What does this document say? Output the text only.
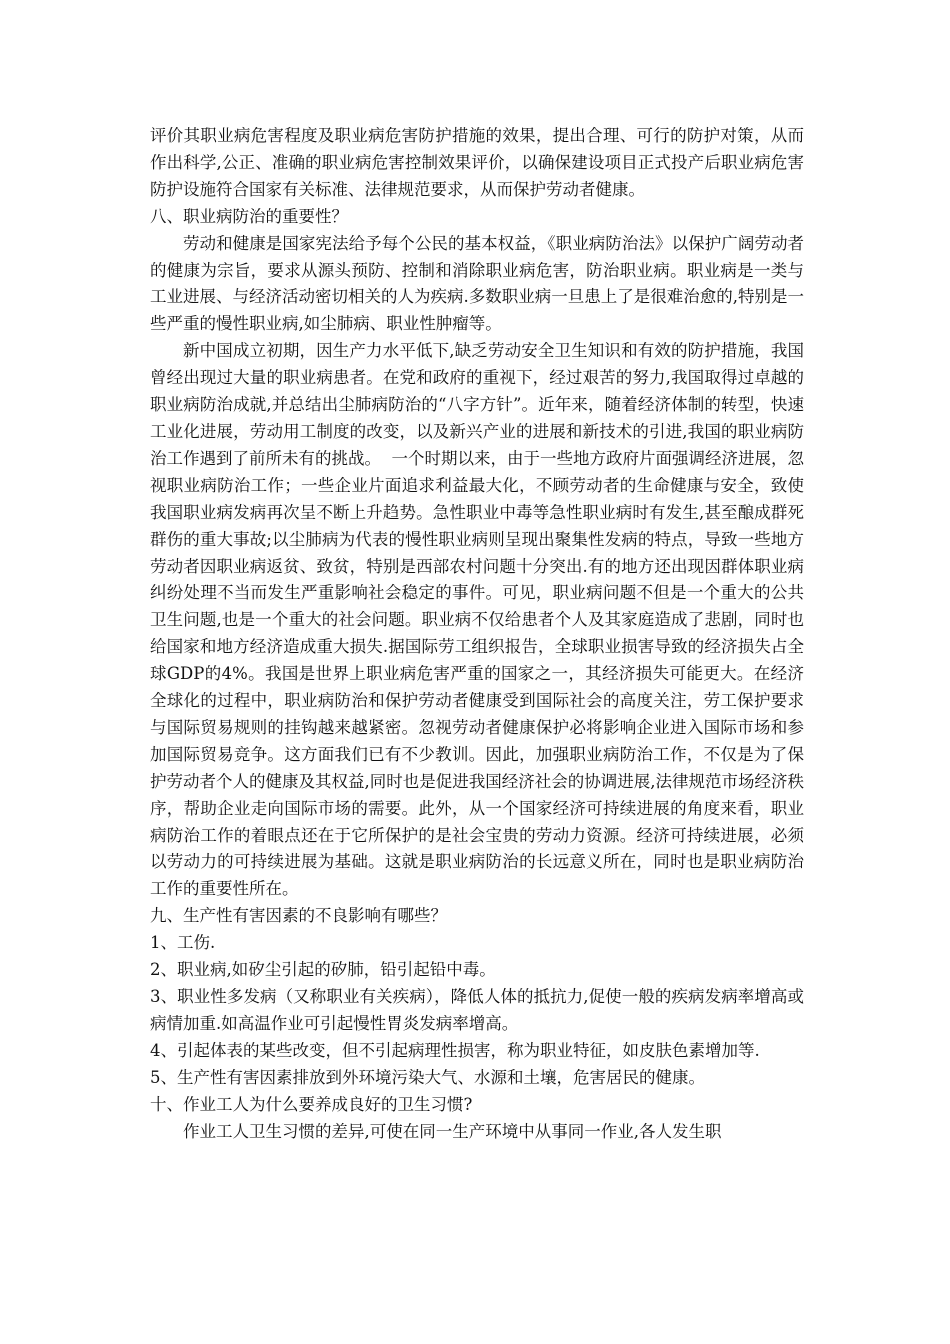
评价其职业病危害程度及职业病危害防护措施的效果，提出合理、可行的防护对策，从而作出科学,公正、准确的职业病危害控制效果评价，以确保建设项目正式投产后职业病危害防护设施符合国家有关标准、法律规范要求，从而保护劳动者健康。

八、职业病防治的重要性？

劳动和健康是国家宪法给予每个公民的基本权益，《职业病防治法》以保护广阔劳动者的健康为宗旨，要求从源头预防、控制和消除职业病危害，防治职业病。职业病是一类与工业进展、与经济活动密切相关的人为疾病.多数职业病一旦患上了是很难治愈的,特别是一些严重的慢性职业病,如尘肺病、职业性肿瘤等。

新中国成立初期，因生产力水平低下,缺乏劳动安全卫生知识和有效的防护措施，我国曾经出现过大量的职业病患者。在党和政府的重视下，经过艰苦的努力,我国取得过卓越的职业病防治成就,并总结出尘肺病防治的“八字方针”。近年来，随着经济体制的转型，快速工业化进展，劳动用工制度的改变，以及新兴产业的进展和新技术的引进,我国的职业病防治工作遇到了前所未有的挑战。  一个时期以来，由于一些地方政府片面强调经济进展，忽视职业病防治工作；一些企业片面追求利益最大化，不顾劳动者的生命健康与安全，致使我国职业病发病再次呈不断上升趋势。急性职业中毒等急性职业病时有发生,甚至酿成群死群伤的重大事故;以尘肺病为代表的慢性职业病则呈现出聚集性发病的特点，导致一些地方劳动者因职业病返贫、致贫，特别是西部农村问题十分突出.有的地方还出现因群体职业病纠纷处理不当而发生严重影响社会稳定的事件。可见，职业病问题不但是一个重大的公共卫生问题,也是一个重大的社会问题。职业病不仅给患者个人及其家庭造成了悲剧，同时也给国家和地方经济造成重大损失.据国际劳工组织报告，全球职业损害导致的经济损失占全球GDP的4%。我国是世界上职业病危害严重的国家之一，其经济损失可能更大。在经济全球化的过程中，职业病防治和保护劳动者健康受到国际社会的高度关注，劳工保护要求与国际贸易规则的挂钩越来越紧密。忽视劳动者健康保护必将影响企业进入国际市场和参加国际贸易竞争。这方面我们已有不少教训。因此，加强职业病防治工作，不仅是为了保护劳动者个人的健康及其权益,同时也是促进我国经济社会的协调进展,法律规范市场经济秩序，帮助企业走向国际市场的需要。此外，从一个国家经济可持续进展的角度来看，职业病防治工作的着眼点还在于它所保护的是社会宝贵的劳动力资源。经济可持续进展，必须以劳动力的可持续进展为基础。这就是职业病防治的长远意义所在，同时也是职业病防治工作的重要性所在。

九、生产性有害因素的不良影响有哪些？

1、工伤.

2、职业病,如矽尘引起的矽肺，铅引起铅中毒。

3、职业性多发病（又称职业有关疾病），降低人体的抵抗力,促使一般的疾病发病率增高或病情加重.如高温作业可引起慢性胃炎发病率增高。

4、引起体表的某些改变，但不引起病理性损害，称为职业特征，如皮肤色素增加等.

5、生产性有害因素排放到外环境污染大气、水源和土壤，危害居民的健康。

十、作业工人为什么要养成良好的卫生习惯?

作业工人卫生习惯的差异,可使在同一生产环境中从事同一作业,各人发生职
